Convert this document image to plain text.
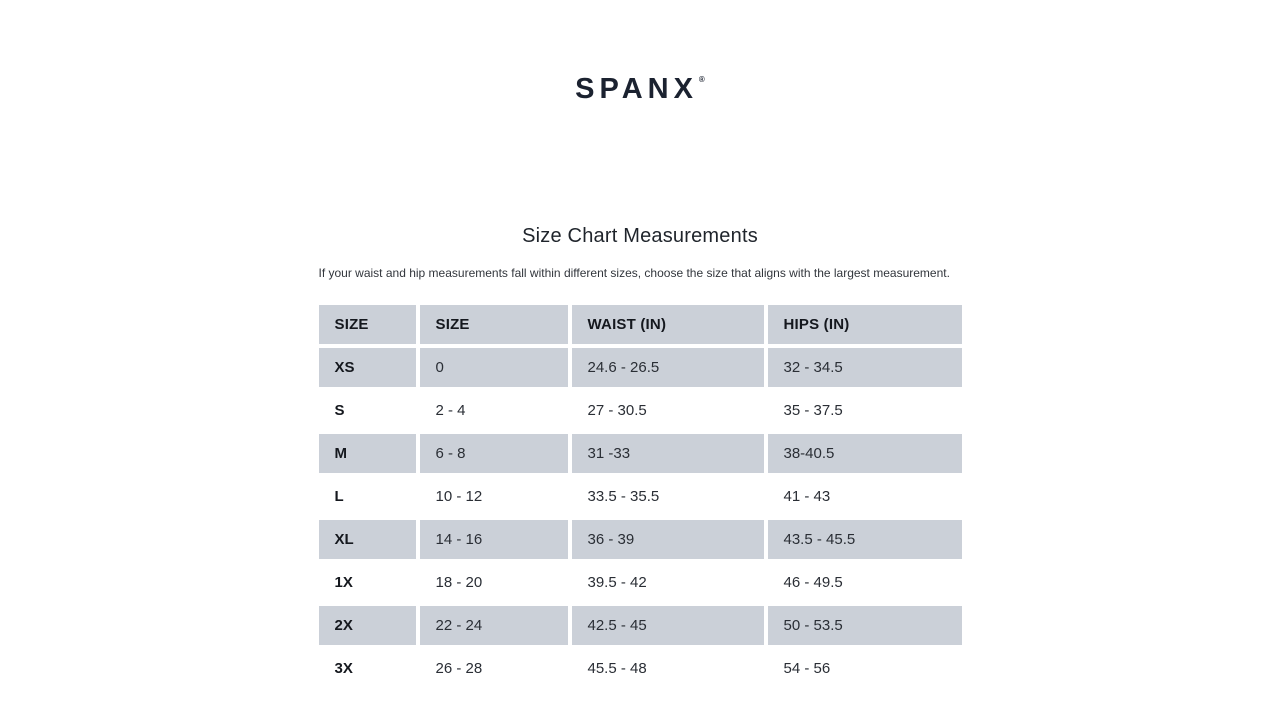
SPANX®
Size Chart Measurements

If your waist and hip measurements fall within different sizes, choose the size that aligns with the largest measurement.

SIZE	SIZE	WAIST (IN)	HIPS (IN)
XS	0	24.6 - 26.5	32 - 34.5
S	2 - 4	27 - 30.5	35 - 37.5
M	6 - 8	31 -33	38-40.5
L	10 - 12	33.5 - 35.5	41 - 43
XL	14 - 16	36 - 39	43.5 - 45.5
1X	18 - 20	39.5 - 42	46 - 49.5
2X	22 - 24	42.5 - 45	50 - 53.5
3X	26 - 28	45.5 - 48	54 - 56
